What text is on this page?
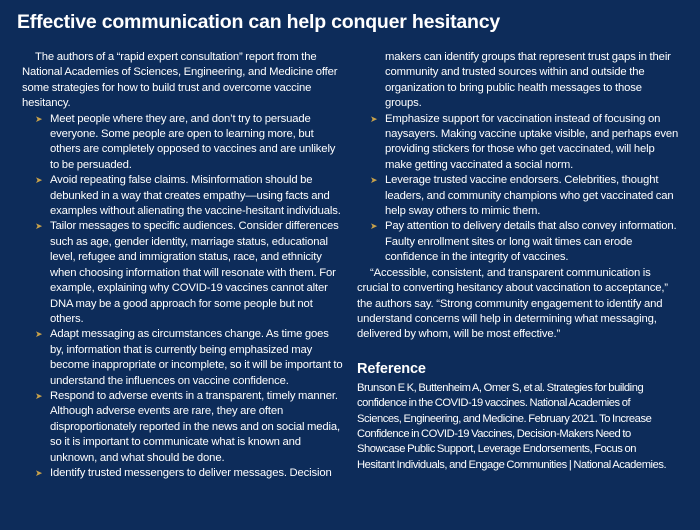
Effective communication can help conquer hesitancy

The authors of a “rapid expert consultation” report from the National Academies of Sciences, Engineering, and Medicine offer some strategies for how to build trust and overcome vaccine hesitancy.

➤ Meet people where they are, and don’t try to persuade everyone. Some people are open to learning more, but others are completely opposed to vaccines and are unlikely to be persuaded.
➤ Avoid repeating false claims. Misinformation should be debunked in a way that creates empathy—using facts and examples without alienating the vaccine-hesitant individuals.
➤ Tailor messages to specific audiences. Consider differences such as age, gender identity, marriage status, educational level, refugee and immigration status, race, and ethnicity when choosing information that will resonate with them. For example, explaining why COVID-19 vaccines cannot alter DNA may be a good approach for some people but not others.
➤ Adapt messaging as circumstances change. As time goes by, information that is currently being emphasized may become inappropriate or incomplete, so it will be important to understand the influences on vaccine confidence.
➤ Respond to adverse events in a transparent, timely manner. Although adverse events are rare, they are often disproportionately reported in the news and on social media, so it is important to communicate what is known and unknown, and what should be done.
➤ Identify trusted messengers to deliver messages. Decision

makers can identify groups that represent trust gaps in their community and trusted sources within and outside the organization to bring public health messages to those groups.

➤ Emphasize support for vaccination instead of focusing on naysayers. Making vaccine uptake visible, and perhaps even providing stickers for those who get vaccinated, will help make getting vaccinated a social norm.
➤ Leverage trusted vaccine endorsers. Celebrities, thought leaders, and community champions who get vaccinated can help sway others to mimic them.
➤ Pay attention to delivery details that also convey information. Faulty enrollment sites or long wait times can erode confidence in the integrity of vaccines.

“Accessible, consistent, and transparent communication is crucial to converting hesitancy about vaccination to acceptance,” the authors say. “Strong community engagement to identify and understand concerns will help in determining what messaging, delivered by whom, will be most effective.”

Reference

Brunson E K, Buttenheim A, Omer S, et al. Strategies for building confidence in the COVID-19 vaccines. National Academies of Sciences, Engineering, and Medicine. February 2021. To Increase Confidence in COVID-19 Vaccines, Decision-Makers Need to Showcase Public Support, Leverage Endorsements, Focus on Hesitant Individuals, and Engage Communities | National Academies.
